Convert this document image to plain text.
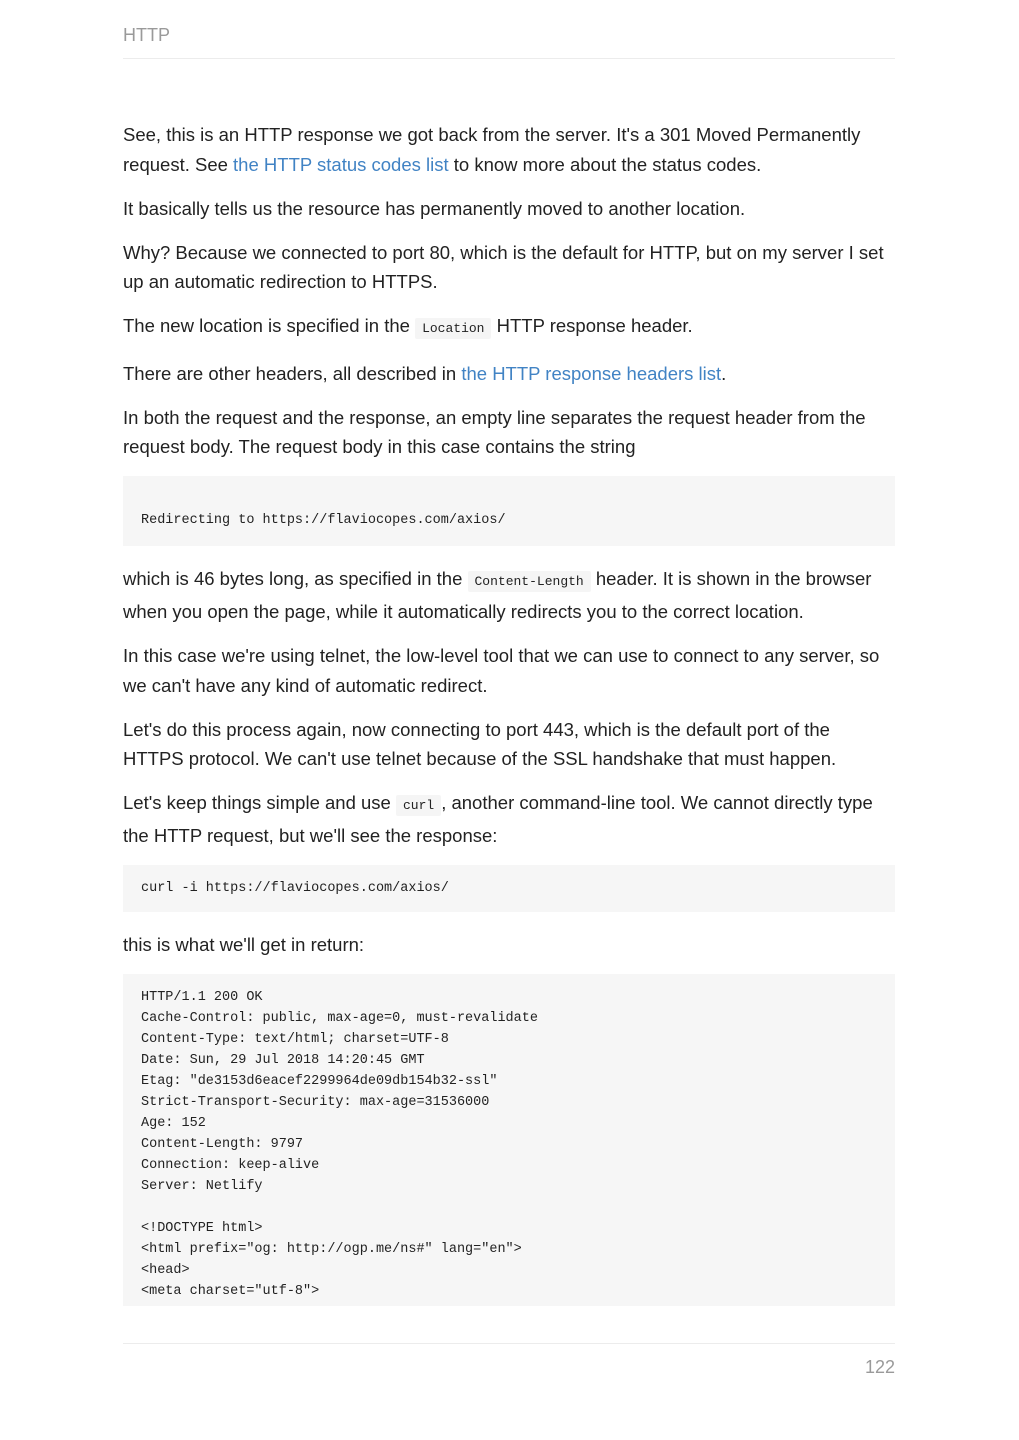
HTTP

See, this is an HTTP response we got back from the server. It's a 301 Moved Permanently request. See the HTTP status codes list to know more about the status codes.

It basically tells us the resource has permanently moved to another location.

Why? Because we connected to port 80, which is the default for HTTP, but on my server I set up an automatic redirection to HTTPS.

The new location is specified in the Location HTTP response header.

There are other headers, all described in the HTTP response headers list.

In both the request and the response, an empty line separates the request header from the request body. The request body in this case contains the string

Redirecting to https://flaviocopes.com/axios/

which is 46 bytes long, as specified in the Content-Length header. It is shown in the browser when you open the page, while it automatically redirects you to the correct location.

In this case we're using telnet, the low-level tool that we can use to connect to any server, so we can't have any kind of automatic redirect.

Let's do this process again, now connecting to port 443, which is the default port of the HTTPS protocol. We can't use telnet because of the SSL handshake that must happen.

Let's keep things simple and use curl , another command-line tool. We cannot directly type the HTTP request, but we'll see the response:

curl -i https://flaviocopes.com/axios/

this is what we'll get in return:

HTTP/1.1 200 OK
Cache-Control: public, max-age=0, must-revalidate
Content-Type: text/html; charset=UTF-8
Date: Sun, 29 Jul 2018 14:20:45 GMT
Etag: "de3153d6eacef2299964de09db154b32-ssl"
Strict-Transport-Security: max-age=31536000
Age: 152
Content-Length: 9797
Connection: keep-alive
Server: Netlify

<!DOCTYPE html>
<html prefix="og: http://ogp.me/ns#" lang="en">
<head>
<meta charset="utf-8">
122
